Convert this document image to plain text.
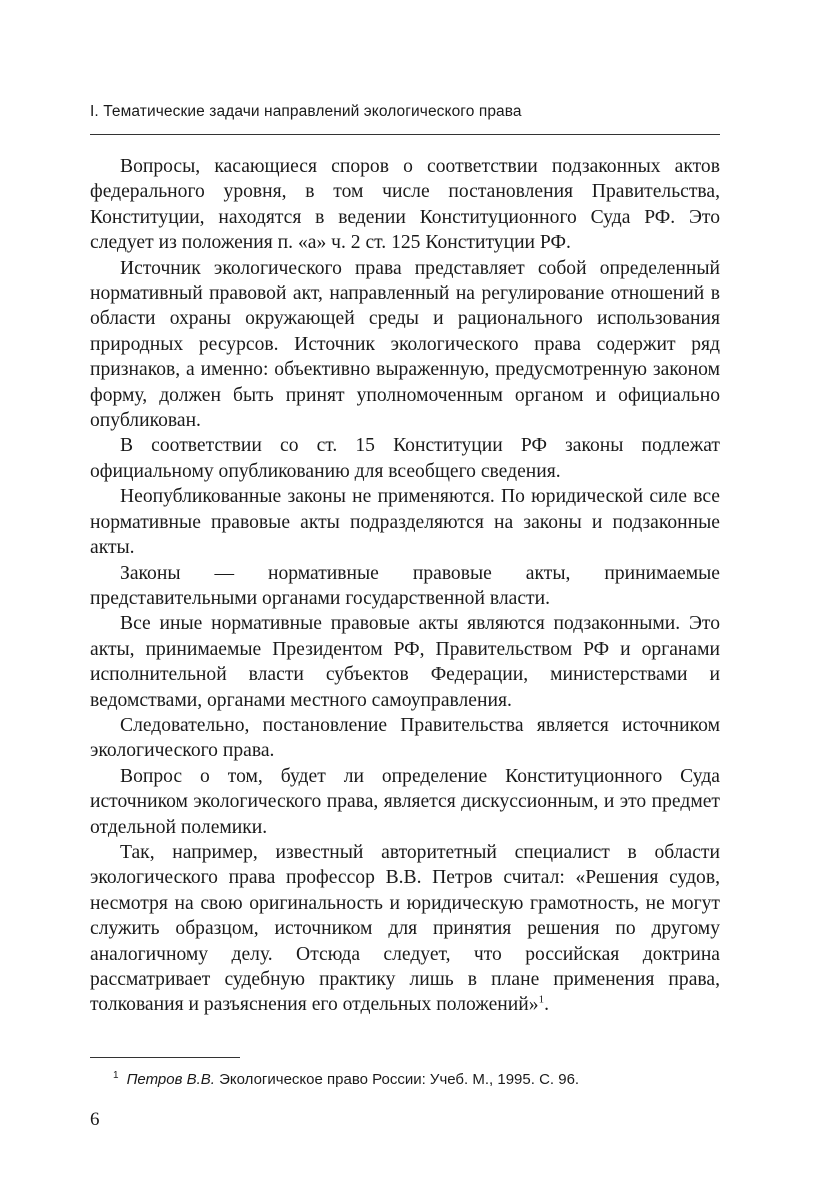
I. Тематические задачи направлений экологического права

Вопросы, касающиеся споров о соответствии подзаконных актов федерального уровня, в том числе постановления Правительства, Конституции, находятся в ведении Конституционного Суда РФ. Это следует из положения п. «а» ч. 2 ст. 125 Конституции РФ.

Источник экологического права представляет собой определенный нормативный правовой акт, направленный на регулирование отношений в области охраны окружающей среды и рационального использования природных ресурсов. Источник экологического права содержит ряд признаков, а именно: объективно выраженную, предусмотренную законом форму, должен быть принят уполномоченным органом и официально опубликован.

В соответствии со ст. 15 Конституции РФ законы подлежат официальному опубликованию для всеобщего сведения.

Неопубликованные законы не применяются. По юридической силе все нормативные правовые акты подразделяются на законы и подзаконные акты.

Законы — нормативные правовые акты, принимаемые представительными органами государственной власти.

Все иные нормативные правовые акты являются подзаконными. Это акты, принимаемые Президентом РФ, Правительством РФ и органами исполнительной власти субъектов Федерации, министерствами и ведомствами, органами местного самоуправления.

Следовательно, постановление Правительства является источником экологического права.

Вопрос о том, будет ли определение Конституционного Суда источником экологического права, является дискуссионным, и это предмет отдельной полемики.

Так, например, известный авторитетный специалист в области экологического права профессор В.В. Петров считал: «Решения судов, несмотря на свою оригинальность и юридическую грамотность, не могут служить образцом, источником для принятия решения по другому аналогичному делу. Отсюда следует, что российская доктрина рассматривает судебную практику лишь в плане применения права, толкования и разъяснения его отдельных положений»$^1$.

$^1$ Петров В.В. Экологическое право России: Учеб. М., 1995. С. 96.
6
